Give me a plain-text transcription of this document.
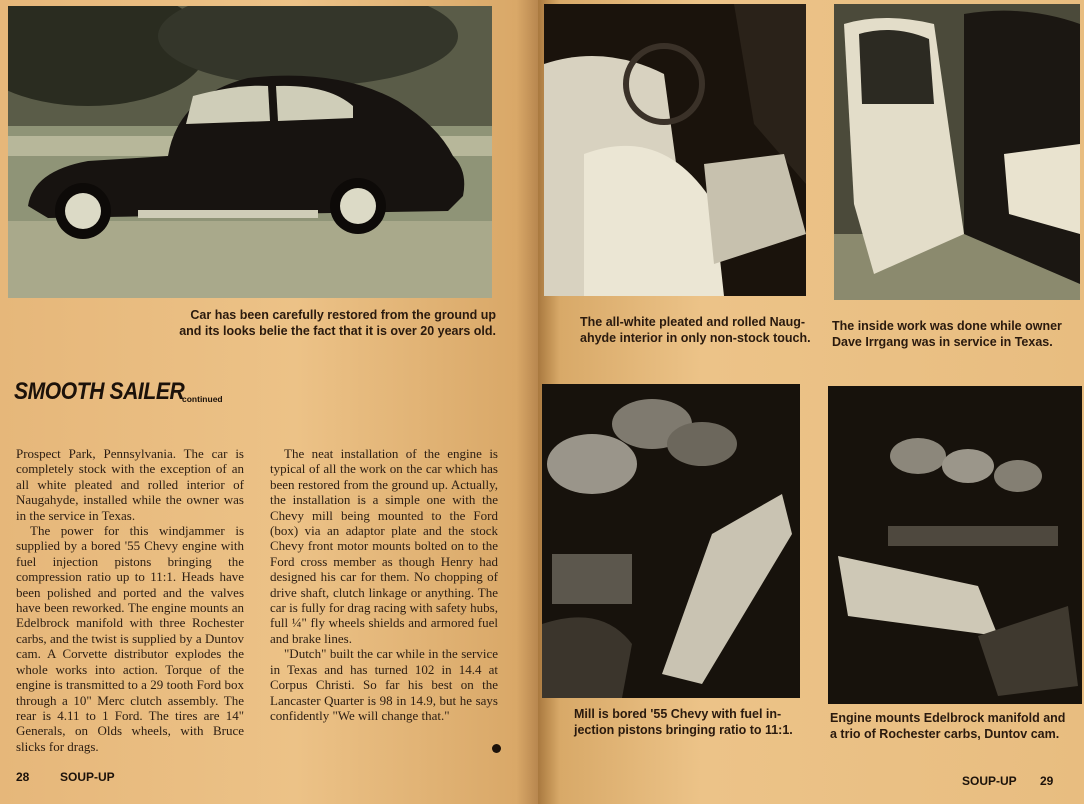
Car has been carefully restored from the ground up
and its looks belie the fact that it is over 20 years old.
SMOOTH SAILER
continued

Prospect Park, Pennsylvania. The car is completely stock with the exception of an all white pleated and rolled interior of Naugahyde, installed while the owner was in the service in Texas.

The power for this windjammer is supplied by a bored '55 Chevy engine with fuel injection pistons bringing the compression ratio up to 11:1. Heads have been polished and ported and the valves have been reworked. The engine mounts an Edelbrock manifold with three Rochester carbs, and the twist is supplied by a Duntov cam. A Corvette distributor explodes the whole works into action. Torque of the engine is transmitted to a 29 tooth Ford box through a 10" Merc clutch assembly. The rear is 4.11 to 1 Ford. The tires are 14" Generals, on Olds wheels, with Bruce slicks for drags.

The neat installation of the engine is typical of all the work on the car which has been restored from the ground up. Actually, the installation is a simple one with the Chevy mill being mounted to the Ford (box) via an adaptor plate and the stock Chevy front motor mounts bolted on to the Ford cross member as though Henry had designed his car for them. No chopping of drive shaft, clutch linkage or anything. The car is fully for drag racing with safety hubs, full ¼" fly wheels shields and armored fuel and brake lines.

"Dutch" built the car while in the service in Texas and has turned 102 in 14.4 at Corpus Christi. So far his best on the Lancaster Quarter is 98 in 14.9, but he says confidently "We will change that."

28	SOUP-UP
The all-white pleated and rolled Naug-
ahyde interior in only non-stock touch.
The inside work was done while owner
Dave Irrgang was in service in Texas.
Mill is bored '55 Chevy with fuel in-
jection pistons bringing ratio to 11:1.
Engine mounts Edelbrock manifold and
a trio of Rochester carbs, Duntov cam.
SOUP-UP 29
